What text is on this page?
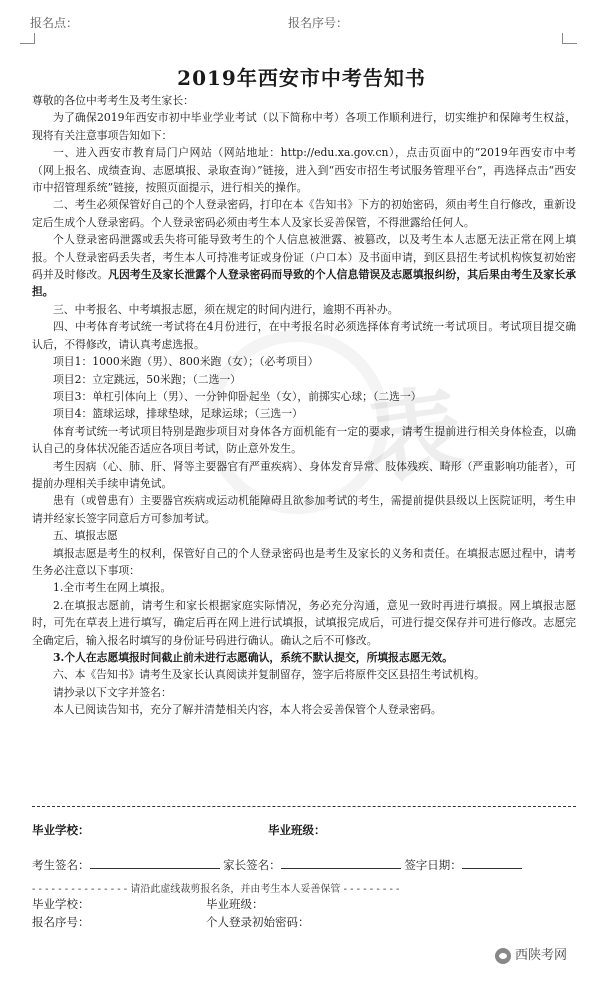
报名点：	报名序号：
表
2019年西安市中考告知书

尊敬的各位中考考生及考生家长：

为了确保2019年西安市初中毕业学业考试（以下简称中考）各项工作顺利进行，切实维护和保障考生权益，现将有关注意事项告知如下：

一、进入西安市教育局门户网站（网站地址：http://edu.xa.gov.cn），点击页面中的“2019年西安市中考（网上报名、成绩查询、志愿填报、录取查询）”链接，进入到“西安市招生考试服务管理平台”，再选择点击“西安市中招管理系统”链接，按照页面提示，进行相关的操作。

二、考生必须保管好自己的个人登录密码，打印在本《告知书》下方的初始密码，须由考生自行修改，重新设定后生成个人登录密码。个人登录密码必须由考生本人及家长妥善保管，不得泄露给任何人。

个人登录密码泄露或丢失将可能导致考生的个人信息被泄露、被篡改，以及考生本人志愿无法正常在网上填报。个人登录密码丢失者，考生本人可持准考证或身份证（户口本）及书面申请，到区县招生考试机构恢复初始密码并及时修改。凡因考生及家长泄露个人登录密码而导致的个人信息错误及志愿填报纠纷，其后果由考生及家长承担。

三、中考报名、中考填报志愿，须在规定的时间内进行，逾期不再补办。

四、中考体育考试统一考试将在4月份进行，在中考报名时必须选择体育考试统一考试项目。考试项目提交确认后，不得修改，请认真考虑选报。

项目1：1000米跑（男）、800米跑（女）；（必考项目）

项目2：立定跳远，50米跑；（二选一）

项目3：单杠引体向上（男）、一分钟仰卧起坐（女），前掷实心球；（二选一）

项目4：篮球运球，排球垫球，足球运球；（三选一）

体育考试统一考试项目特别是跑步项目对身体各方面机能有一定的要求，请考生提前进行相关身体检查，以确认自己的身体状况能否适应各项目考试，防止意外发生。

考生因病（心、肺、肝、肾等主要器官有严重疾病）、身体发育异常、肢体残疾、畸形（严重影响功能者），可提前办理相关手续申请免试。

患有（或曾患有）主要器官疾病或运动机能障碍且欲参加考试的考生，需提前提供县级以上医院证明，考生申请并经家长签字同意后方可参加考试。

五、填报志愿

填报志愿是考生的权利，保管好自己的个人登录密码也是考生及家长的义务和责任。在填报志愿过程中，请考生务必注意以下事项：

1.全市考生在网上填报。

2.在填报志愿前，请考生和家长根据家庭实际情况，务必充分沟通，意见一致时再进行填报。网上填报志愿时，可先在草表上进行填写，确定后再在网上进行试填报，试填报完成后，可进行提交保存并可进行修改。志愿完全确定后，输入报名时填写的身份证号码进行确认。确认之后不可修改。

3.个人在志愿填报时间截止前未进行志愿确认，系统不默认提交，所填报志愿无效。

六、本《告知书》请考生及家长认真阅读并复制留存，签字后将原件交区县招生考试机构。

请抄录以下文字并签名：

本人已阅读告知书，充分了解并清楚相关内容，本人将会妥善保管个人登录密码。

毕业学校：	毕业班级：
考生签名：	家长签名：	签字日期：
- - - - - - - - - - - - - - - 请沿此虚线裁剪报名条，并由考生本人妥善保管 - - - - - - - - -
毕业学校：	毕业班级：
报名序号：	个人登录初始密码：
西陕考网
